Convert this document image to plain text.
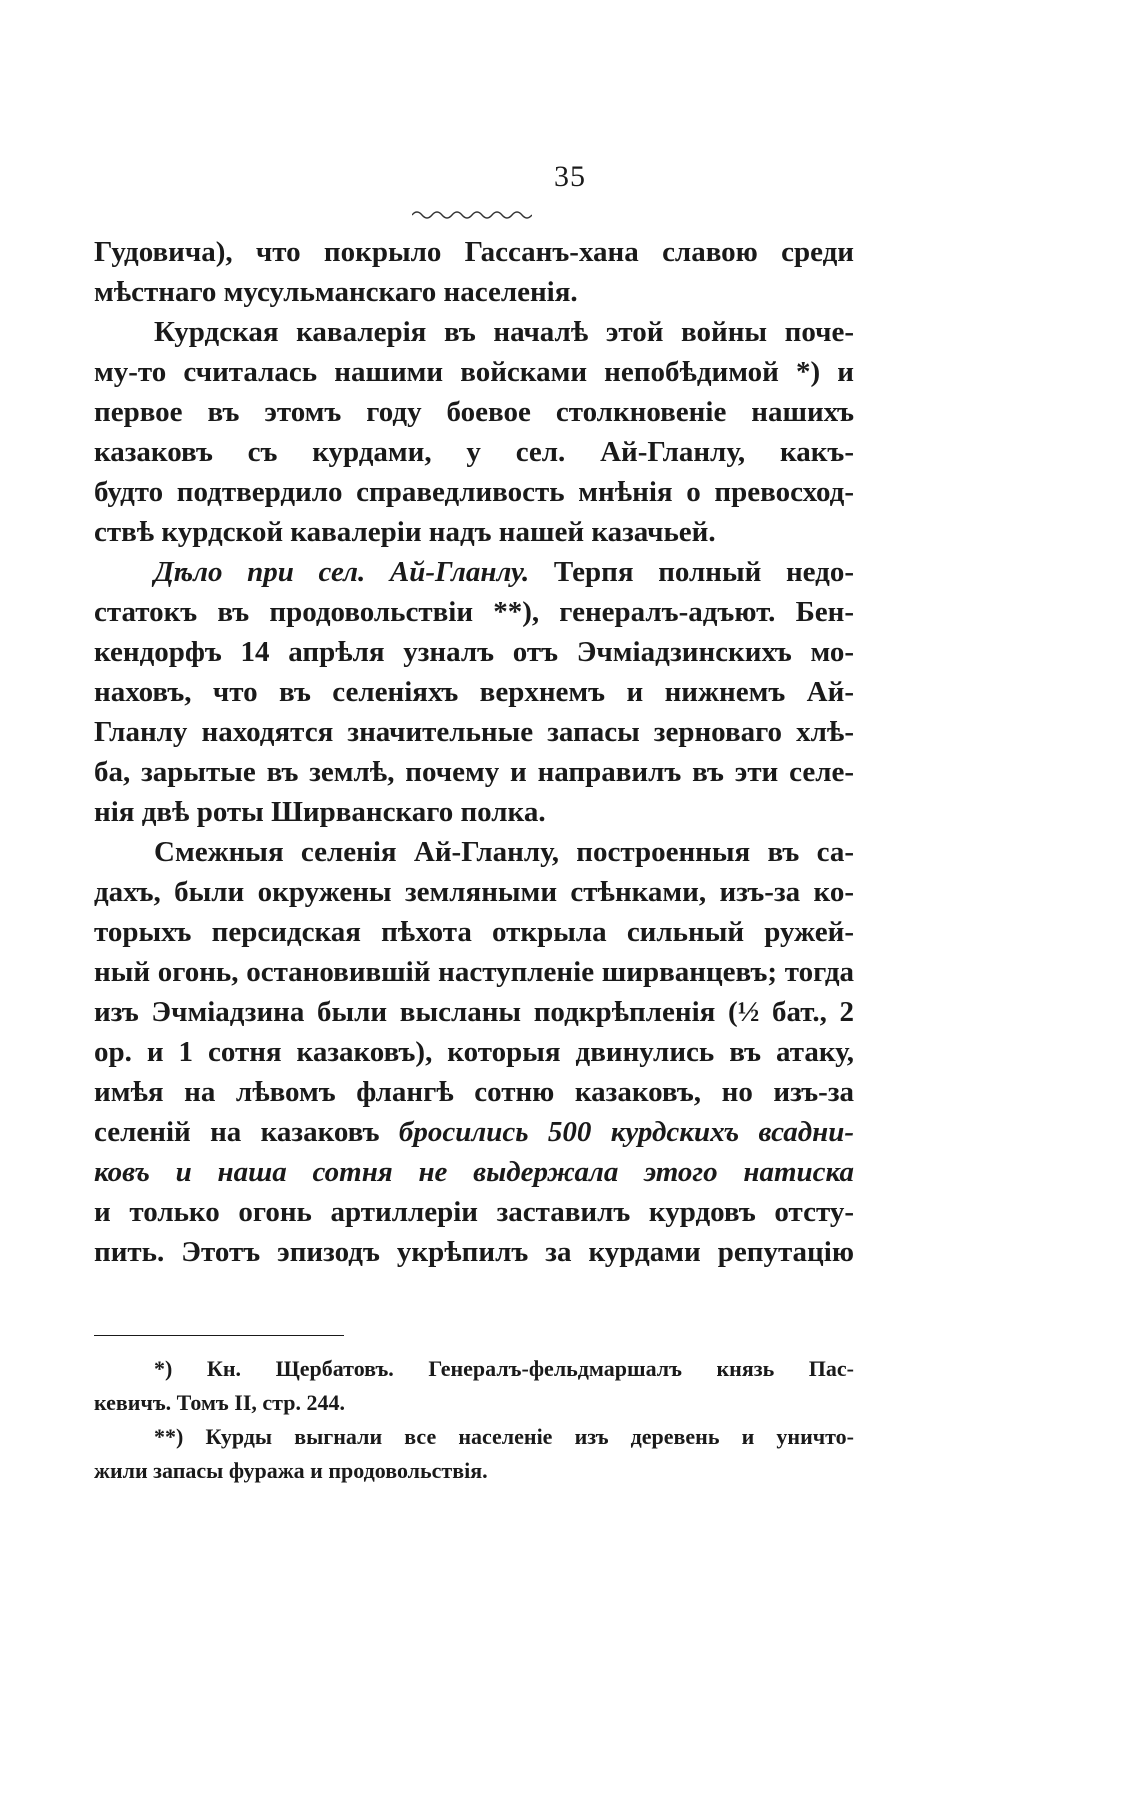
35
Гудовича), что покрыло Гассанъ-хана славою среди
мѣстнаго мусульманскаго населенія.
Курдская кавалерія въ началѣ этой войны поче-
му-то считалась нашими войсками непобѣдимой *) и
первое въ этомъ году боевое столкновеніе нашихъ
казаковъ съ курдами, у сел. Ай-Гланлу, какъ-
будто подтвердило справедливость мнѣнія о превосход-
ствѣ курдской кавалеріи надъ нашей казачьей.
Дѣло при сел. Ай-Гланлу. Терпя полный недо-
статокъ въ продовольствіи **), генералъ-адъют. Бен-
кендорфъ 14 апрѣля узналъ отъ Эчміадзинскихъ мо-
наховъ, что въ селеніяхъ верхнемъ и нижнемъ Ай-
Гланлу находятся значительные запасы зерноваго хлѣ-
ба, зарытые въ землѣ, почему и направилъ въ эти селе-
нія двѣ роты Ширванскаго полка.
Смежныя селенія Ай-Гланлу, построенныя въ са-
дахъ, были окружены земляными стѣнками, изъ-за ко-
торыхъ персидская пѣхота открыла сильный ружей-
ный огонь, остановившій наступленіе ширванцевъ; тогда
изъ Эчміадзина были высланы подкрѣпленія (½ бат., 2
ор. и 1 сотня казаковъ), которыя двинулись въ атаку,
имѣя на лѣвомъ флангѣ сотню казаковъ, но изъ-за
селеній на казаковъ бросились 500 курдскихъ всадни-
ковъ и наша сотня не выдержала этого натиска
и только огонь артиллеріи заставилъ курдовъ отсту-
пить. Этотъ эпизодъ укрѣпилъ за курдами репутацію
*) Кн. Щербатовъ. Генералъ-фельдмаршалъ князь Пас-
кевичъ. Томъ II, стр. 244.
**) Курды выгнали все населеніе изъ деревень и уничто-
жили запасы фуража и продовольствія.
